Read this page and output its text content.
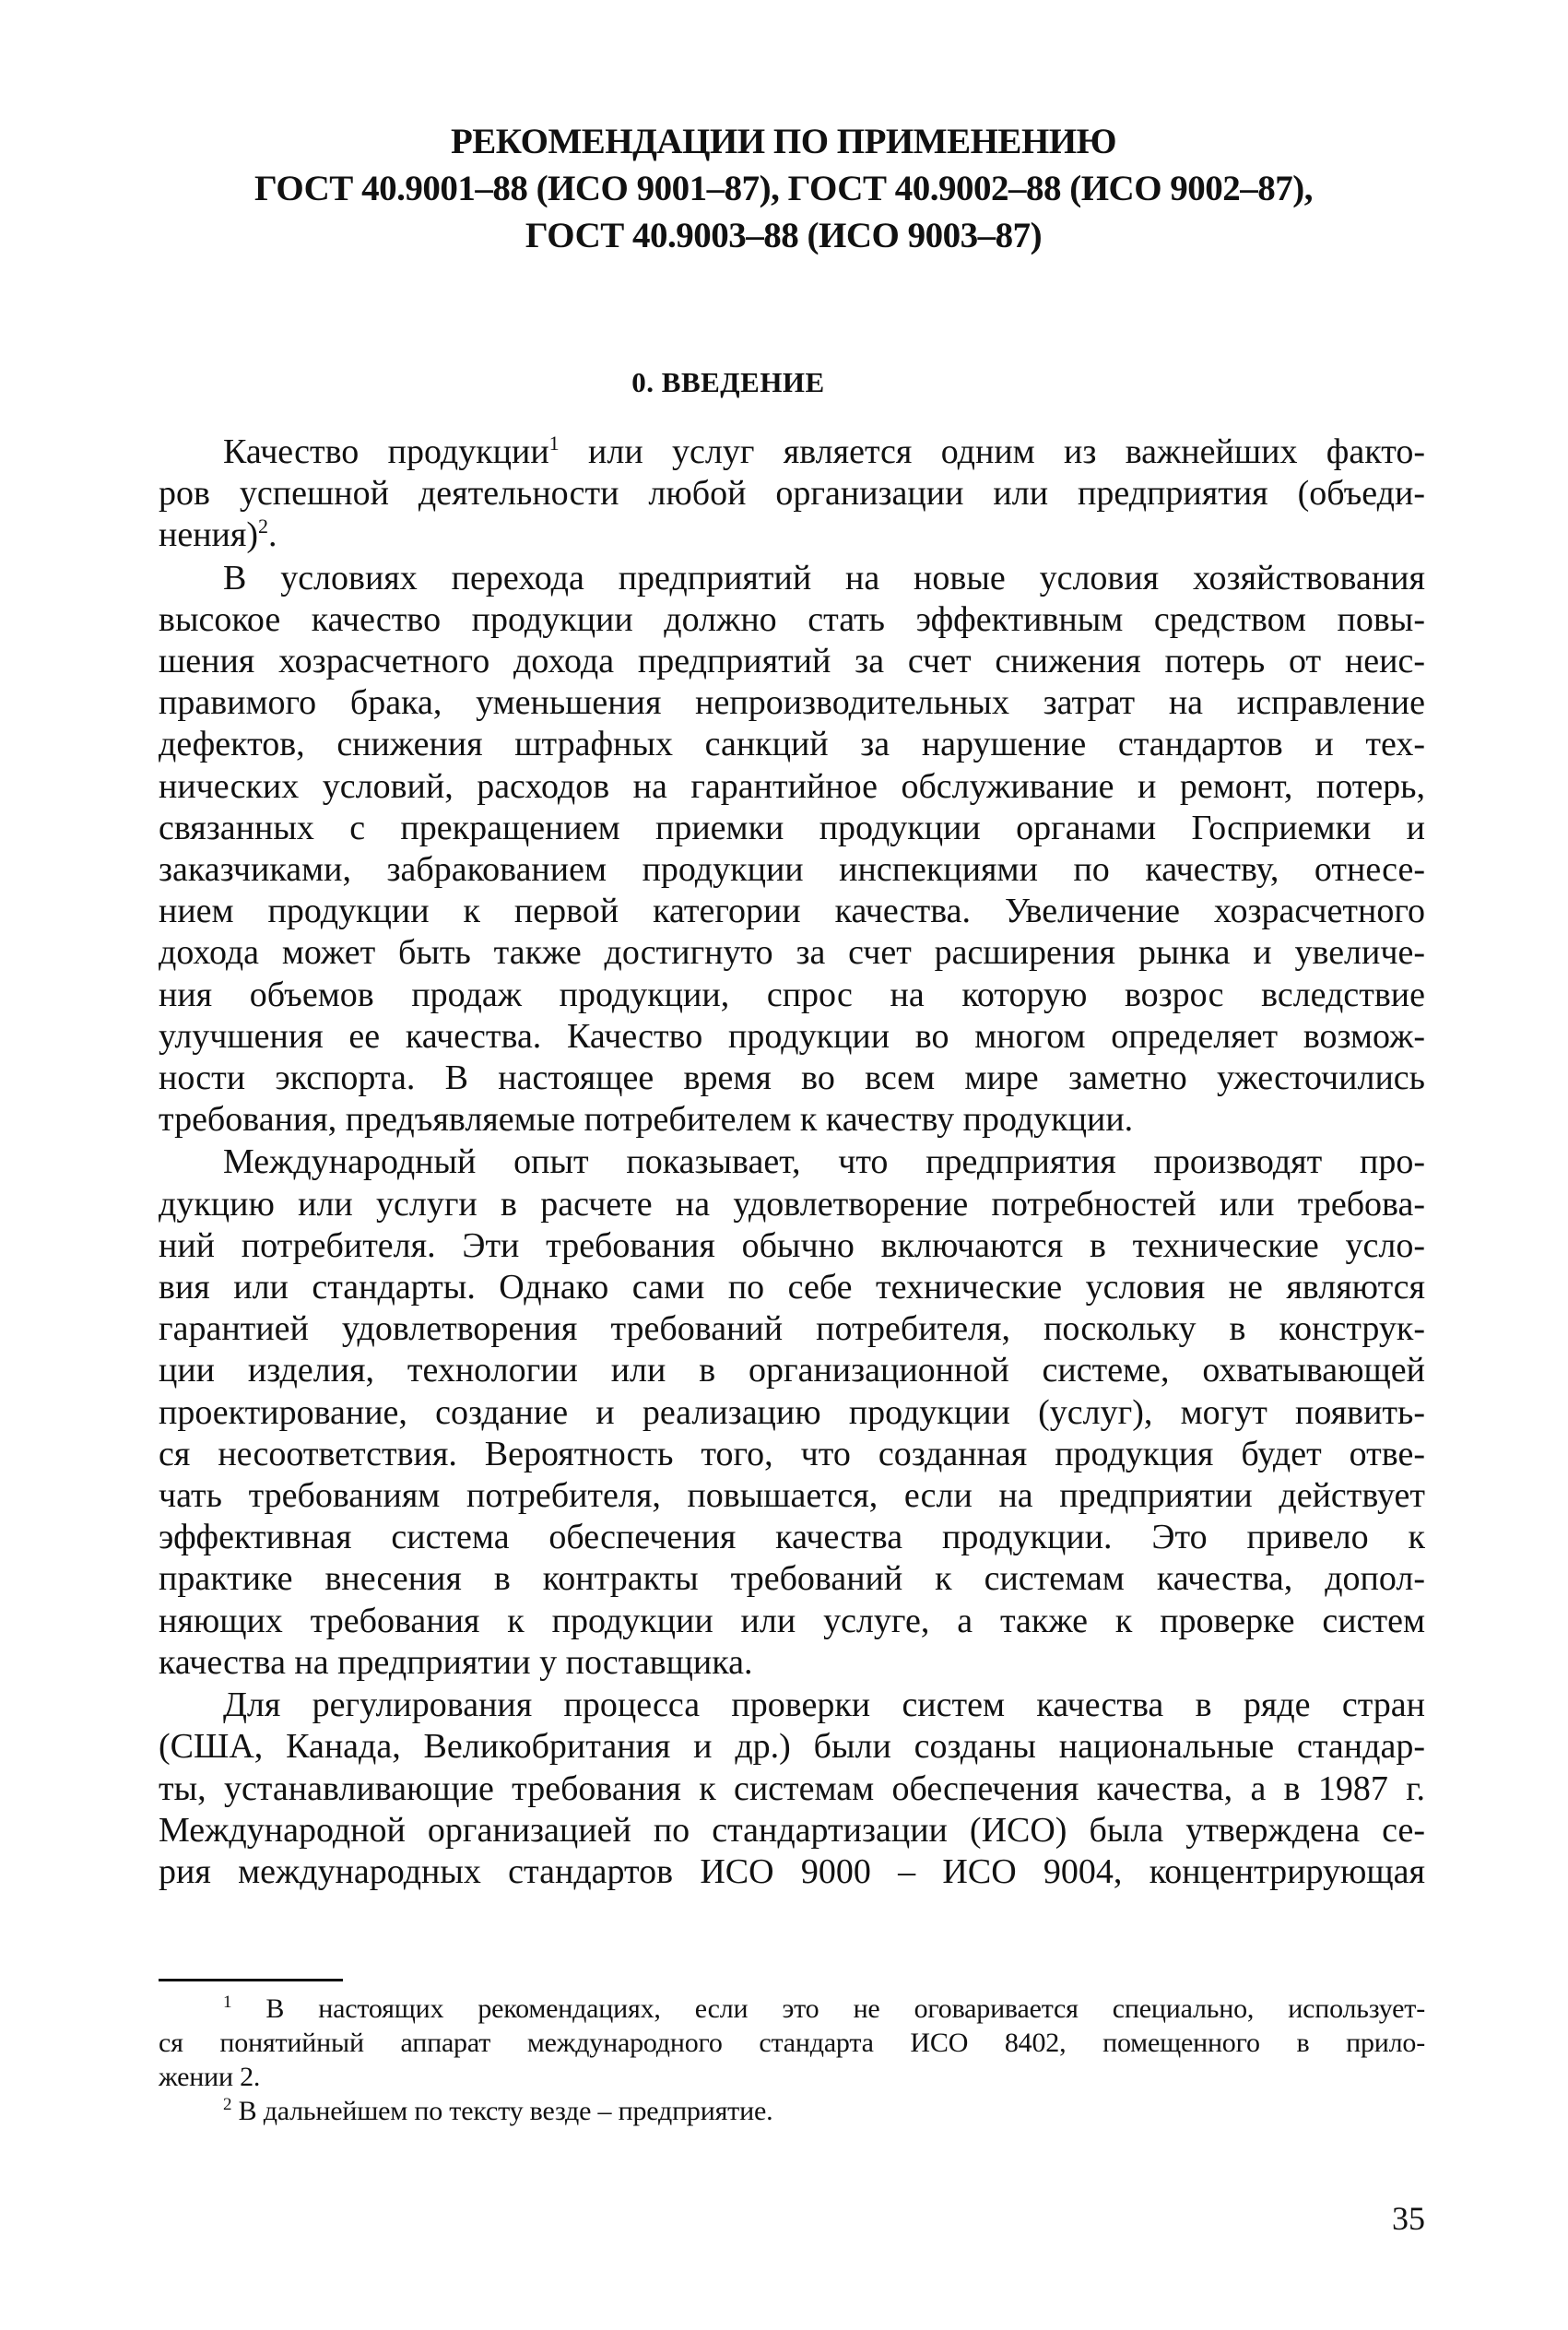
РЕКОМЕНДАЦИИ ПО ПРИМЕНЕНИЮ
ГОСТ 40.9001–88 (ИСО 9001–87), ГОСТ 40.9002–88 (ИСО 9002–87),
ГОСТ 40.9003–88 (ИСО 9003–87)
0. ВВЕДЕНИЕ

Качество продукции$^1$ или услуг является одним из важнейших факто-
ров успешной деятельности любой организации или предприятия (объеди-
нения)$^2$.

В условиях перехода предприятий на новые условия хозяйствования
высокое качество продукции должно стать эффективным средством повы-
шения хозрасчетного дохода предприятий за счет снижения потерь от неис-
правимого брака, уменьшения непроизводительных затрат на исправление
дефектов, снижения штрафных санкций за нарушение стандартов и тех-
нических условий, расходов на гарантийное обслуживание и ремонт, потерь,
связанных с прекращением приемки продукции органами Госприемки и
заказчиками, забракованием продукции инспекциями по качеству, отнесе-
нием продукции к первой категории качества. Увеличение хозрасчетного
дохода может быть также достигнуто за счет расширения рынка и увеличе-
ния объемов продаж продукции, спрос на которую возрос вследствие
улучшения ее качества. Качество продукции во многом определяет возмож-
ности экспорта. В настоящее время во всем мире заметно ужесточились
требования, предъявляемые потребителем к качеству продукции.

Международный опыт показывает, что предприятия производят про-
дукцию или услуги в расчете на удовлетворение потребностей или требова-
ний потребителя. Эти требования обычно включаются в технические усло-
вия или стандарты. Однако сами по себе технические условия не являются
гарантией удовлетворения требований потребителя, поскольку в конструк-
ции изделия, технологии или в организационной системе, охватывающей
проектирование, создание и реализацию продукции (услуг), могут появить-
ся несоответствия. Вероятность того, что созданная продукция будет отве-
чать требованиям потребителя, повышается, если на предприятии действует
эффективная система обеспечения качества продукции. Это привело к
практике внесения в контракты требований к системам качества, допол-
няющих требования к продукции или услуге, а также к проверке систем
качества на предприятии у поставщика.

Для регулирования процесса проверки систем качества в ряде стран
(США, Канада, Великобритания и др.) были созданы национальные стандар-
ты, устанавливающие требования к системам обеспечения качества, а в 1987 г.
Международной организацией по стандартизации (ИСО) была утверждена се-
рия международных стандартов ИСО 9000 – ИСО 9004, концентрирующая

$^1$ В настоящих рекомендациях, если это не оговаривается специально, использует-
ся понятийный аппарат международного стандарта ИСО 8402, помещенного в прило-
жении 2.
$^2$ В дальнейшем по тексту везде – предприятие.
35
